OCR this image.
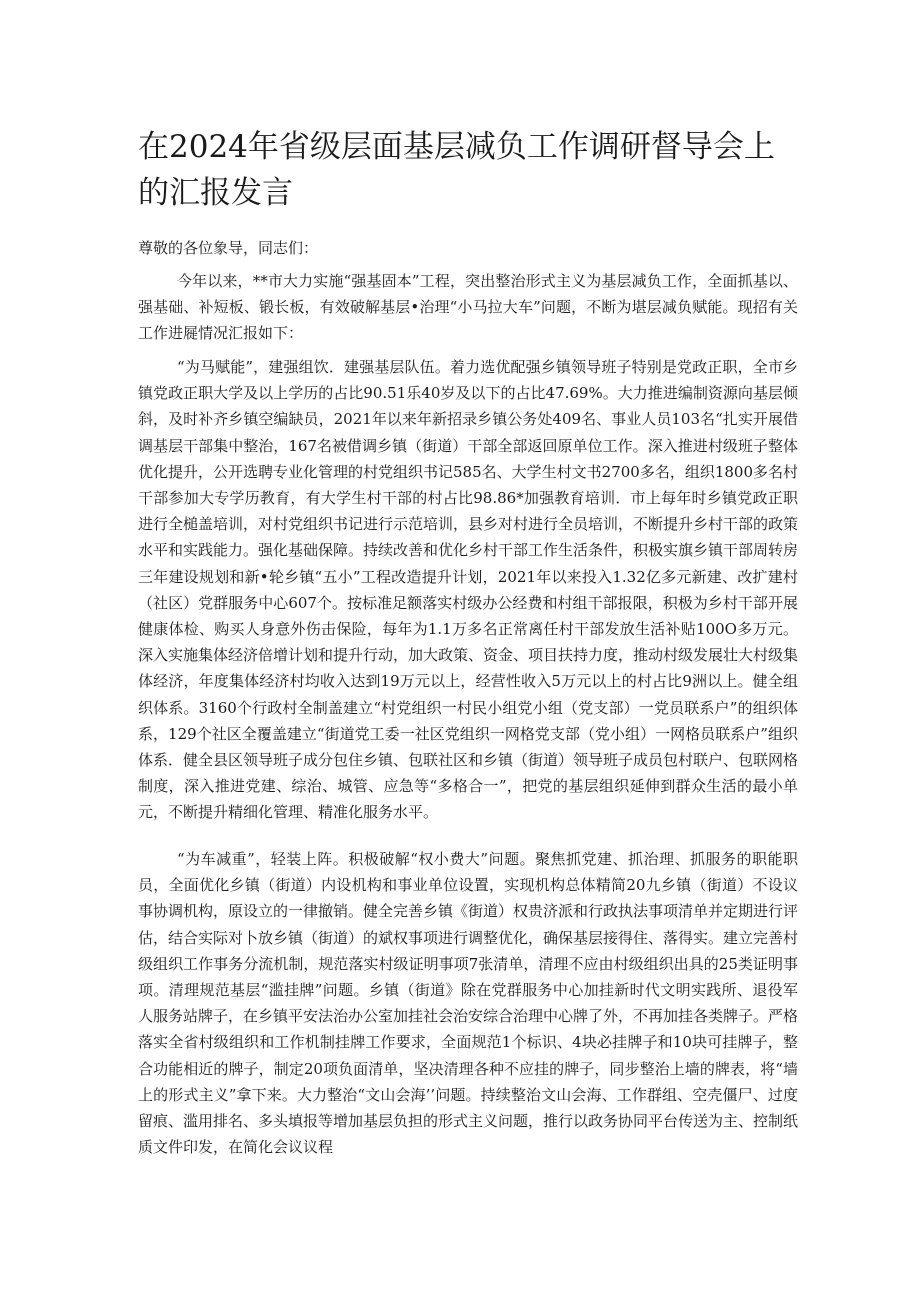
在2024年省级层面基层减负工作调研督导会上的汇报发言

尊敬的各位象导，同志们：

今年以来，**市大力实施“强基固本”工程，突出整治形式主义为基层减负工作，全面抓基以、强基础、补短板、锻长板，有效破解基层•治理“小马拉大车”问题，不断为堪层减负赋能。现招有关工作进屣情况汇报如下：

“为马赋能”，建强组饮．建强基层队伍。着力选优配强乡镇领导班子特别是党政正职，全市乡镇党政正职大学及以上学历的占比90.51乐40岁及以下的占比47.69%。大力推进编制资源向基层倾斜，及时补齐乡镇空编缺员，2021年以来年新招录乡镇公务处409名、事业人员103名“扎实开展借调基层干部集中整治，167名被借调乡镇（街道）干部全部返回原单位工作。深入推进村级班子整体优化提升，公开选聘专业化管理的村党组织书记585名、大学生村文书2700多名，组织1800多名村干部参加大专学历教育，有大学生村干部的村占比98.86*加强教育培训．市上每年时乡镇党政正职进行全槌盖培训，对村党组织书记进行示范培训，县乡对村进行全员培训，不断提升乡村干部的政策水平和实践能力。强化基础保障。持续改善和优化乡村干部工作生活条件，积极实旗乡镇干部周转房三年建设规划和新•轮乡镇“五小”工程改造提升计划，2021年以来投入1.32亿多元新建、改扩建村（社区）党群服务中心607个。按标准足额落实村级办公经费和村组干部报限，积极为乡村干部开展健康体检、购买人身意外伤击保险，每年为1.1万多名正常离任村干部发放生活补贴100O多万元。深入实施集体经济倍增计划和提升行动，加大政策、资金、项目扶持力度，推动村级发展壮大村级集体经济，年度集体经济村均收入达到19万元以上，经营性收入5万元以上的村占比9洲以上。健全组织体系。3160个行政村全制盖建立“村党组织一村民小组党小组（党支部）一党员联系户”的组织体系，129个社区全覆盖建立“街道党工委一社区党组织一网格党支部（党小组）一网格员联系户”组织体系．健全县区领导班子成分包住乡镇、包联社区和乡镇（街道）领导班子成员包村联户、包联网格制度，深入推进党建、综治、城管、应急等“多格合一”，把党的基层组织延伸到群众生活的最小单元，不断提升精细化管理、精准化服务水平。

“为车减重”，轻装上阵。积极破解“权小费大”问题。聚焦抓党建、抓治理、抓服务的职能职员，全面优化乡镇（街道）内设机构和事业单位设置，实现机构总体精简20九乡镇（街道）不设议事协调机构，原设立的一律撤销。健全完善乡镇《街道）权贵济派和行政执法事项清单并定期进行评估，结合实际对卜放乡镇（街道）的斌权事项进行调整优化，确保基层接得住、落得实。建立完善村级组织工作事务分流机制，规范落实村级证明事项7张清单，清理不应由村级组织出具的25类证明事项。清理规范基层“滥挂牌”问题。乡镇（街道》除在党群服务中心加挂新时代文明实践所、退役军人服务站牌子，在乡镇平安法治办公室加挂社会治安综合治理中心牌了外，不再加挂各类牌子。严格落实全省村级组织和工作机制挂牌工作要求，全面规范1个标识、4块必挂牌子和10块可挂牌子，整合功能相近的牌子，制定20项负面清单，坚决清理各种不应挂的牌子，同步整治上墙的牌表，将“墙上的形式主义”拿下来。大力整治“文山会海’’问题。持续整治文山会海、工作群组、空壳僵尸、过度留痕、滥用排名、多头填报等增加基层负担的形式主义问题，推行以政务协同平台传送为主、控制纸质文件印发，在简化会议议程
